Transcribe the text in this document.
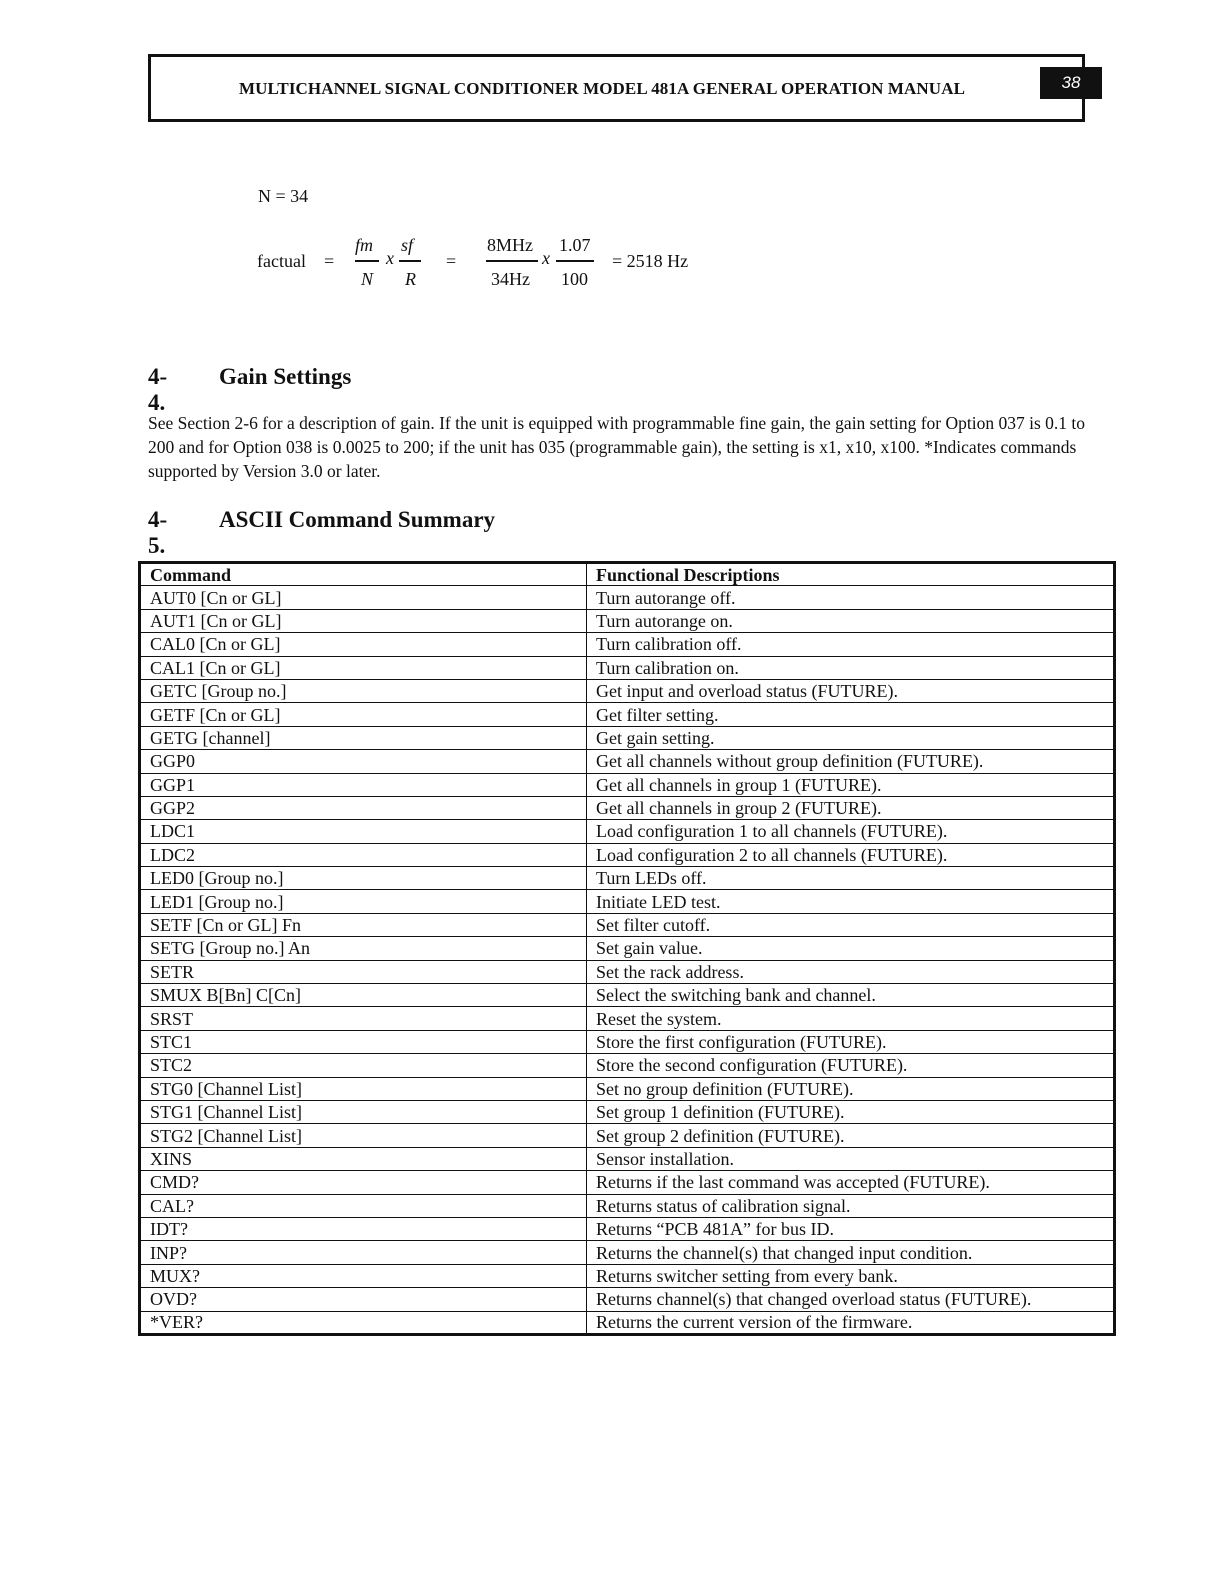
MULTICHANNEL SIGNAL CONDITIONER MODEL 481A GENERAL OPERATION MANUAL	38
N = 34
factual =
fm
N
x
sf
R
=
8MHz
34Hz
x
1.07
100
= 2518 Hz
4-4.
Gain Settings
See Section 2-6 for a description of gain. If the unit is equipped with programmable fine gain, the gain setting for Option 037 is 0.1 to 200 and for Option 038 is 0.0025 to 200; if the unit has 035 (programmable gain), the setting is x1, x10, x100. *Indicates commands supported by Version 3.0 or later.
4-5.
ASCII Command Summary
Command	Functional Descriptions
AUT0 [Cn or GL]	Turn autorange off.
AUT1 [Cn or GL]	Turn autorange on.
CAL0 [Cn or GL]	Turn calibration off.
CAL1 [Cn or GL]	Turn calibration on.
GETC [Group no.]	Get input and overload status (FUTURE).
GETF [Cn or GL]	Get filter setting.
GETG [channel]	Get gain setting.
GGP0	Get all channels without group definition (FUTURE).
GGP1	Get all channels in group 1 (FUTURE).
GGP2	Get all channels in group 2 (FUTURE).
LDC1	Load configuration 1 to all channels (FUTURE).
LDC2	Load configuration 2 to all channels (FUTURE).
LED0 [Group no.]	Turn LEDs off.
LED1 [Group no.]	Initiate LED test.
SETF [Cn or GL] Fn	Set filter cutoff.
SETG [Group no.] An	Set gain value.
SETR	Set the rack address.
SMUX B[Bn] C[Cn]	Select the switching bank and channel.
SRST	Reset the system.
STC1	Store the first configuration (FUTURE).
STC2	Store the second configuration (FUTURE).
STG0 [Channel List]	Set no group definition (FUTURE).
STG1 [Channel List]	Set group 1 definition (FUTURE).
STG2 [Channel List]	Set group 2 definition (FUTURE).
XINS	Sensor installation.
CMD?	Returns if the last command was accepted (FUTURE).
CAL?	Returns status of calibration signal.
IDT?	Returns “PCB 481A” for bus ID.
INP?	Returns the channel(s) that changed input condition.
MUX?	Returns switcher setting from every bank.
OVD?	Returns channel(s) that changed overload status (FUTURE).
*VER?	Returns the current version of the firmware.
